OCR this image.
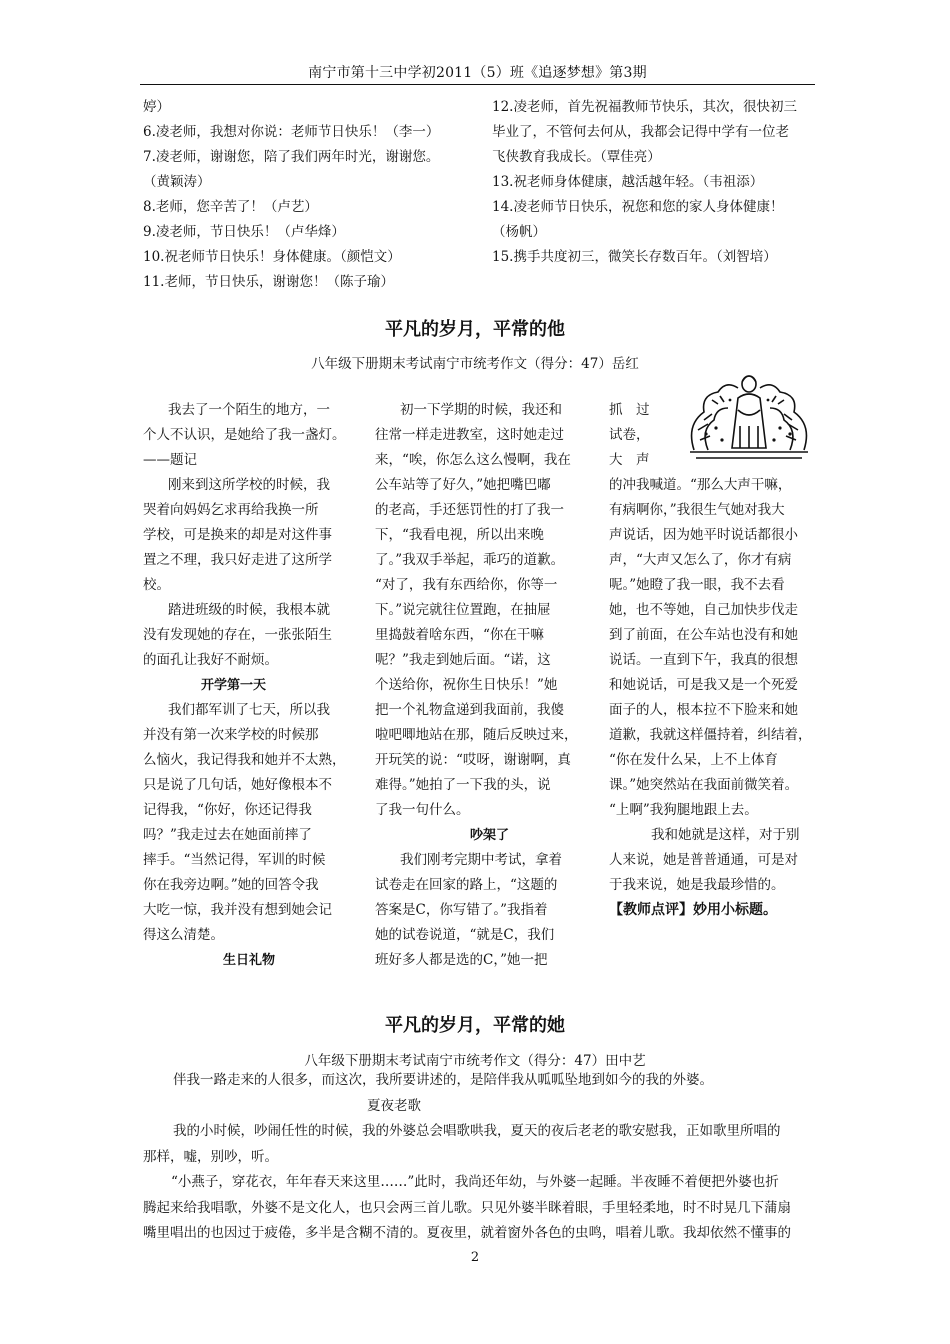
南宁市第十三中学初2011（5）班《追逐梦想》第3期
婷）
6.凌老师，我想对你说：老师节日快乐！（李一）
7.凌老师，谢谢您，陪了我们两年时光，谢谢您。
（黄颖涛）
8.老师，您辛苦了！（卢艺）
9.凌老师，节日快乐！（卢华烽）
10.祝老师节日快乐！身体健康。（颜恺文）
11.老师，节日快乐，谢谢您！（陈子瑜）
12.凌老师，首先祝福教师节快乐，其次，很快初三
毕业了，不管何去何从，我都会记得中学有一位老
飞侠教育我成长。（覃佳亮）
13.祝老师身体健康，越活越年轻。（韦祖添）
14.凌老师节日快乐，祝您和您的家人身体健康！
（杨帆）
15.携手共度初三，微笑长存数百年。（刘智培）
平凡的岁月，平常的他
八年级下册期末考试南宁市统考作文（得分：47）岳红
我去了一个陌生的地方，一
个人不认识，是她给了我一盏灯。
——题记
刚来到这所学校的时候，我
哭着向妈妈乞求再给我换一所
学校，可是换来的却是对这件事
置之不理，我只好走进了这所学
校。
踏进班级的时候，我根本就
没有发现她的存在，一张张陌生
的面孔让我好不耐烦。
开学第一天
我们都军训了七天，所以我
并没有第一次来学校的时候那
么恼火，我记得我和她并不太熟，
只是说了几句话，她好像根本不
记得我，“你好，你还记得我
吗？”我走过去在她面前摔了
摔手。“当然记得，军训的时候
你在我旁边啊。”她的回答令我
大吃一惊，我并没有想到她会记
得这么清楚。
生日礼物
初一下学期的时候，我还和
往常一样走进教室，这时她走过
来，“唉，你怎么这么慢啊，我在
公车站等了好久，”她把嘴巴嘟
的老高，手还惩罚性的打了我一
下，“我看电视，所以出来晚
了。”我双手举起，乖巧的道歉。
“对了，我有东西给你，你等一
下。”说完就往位置跑，在抽屉
里捣鼓着啥东西，“你在干嘛
呢？”我走到她后面。“诺，这
个送给你，祝你生日快乐！”她
把一个礼物盒递到我面前，我傻
啦吧唧地站在那，随后反映过来，
开玩笑的说：“哎呀，谢谢啊，真
难得。”她拍了一下我的头，说
了我一句什么。
吵架了
我们刚考完期中考试，拿着
试卷走在回家的路上，“这题的
答案是C，你写错了。”我指着
她的试卷说道，“就是C，我们
班好多人都是选的C，”她一把
抓　过
试卷，
大　声
的冲我喊道。“那么大声干嘛，
有病啊你，”我很生气她对我大
声说话，因为她平时说话都很小
声，“大声又怎么了，你才有病
呢。”她瞪了我一眼，我不去看
她，也不等她，自己加快步伐走
到了前面，在公车站也没有和她
说话。一直到下午，我真的很想
和她说话，可是我又是一个死爱
面子的人，根本拉不下脸来和她
道歉，我就这样僵持着，纠结着，
“你在发什么呆，上不上体育
课。”她突然站在我面前微笑着。
“上啊”我狗腿地跟上去。
我和她就是这样，对于别
人来说，她是普普通通，可是对
于我来说，她是我最珍惜的。
【教师点评】妙用小标题。
平凡的岁月，平常的她
八年级下册期末考试南宁市统考作文（得分：47）田中艺
伴我一路走来的人很多，而这次，我所要讲述的，是陪伴我从呱呱坠地到如今的我的外婆。
夏夜老歌
我的小时候，吵闹任性的时候，我的外婆总会唱歌哄我，夏天的夜后老老的歌安慰我，正如歌里所唱的
那样，嘘，别吵，听。
“小燕子，穿花衣，年年春天来这里……”此时，我尚还年幼，与外婆一起睡。半夜睡不着便把外婆也折
腾起来给我唱歌，外婆不是文化人，也只会两三首儿歌。只见外婆半眯着眼，手里轻柔地，时不时晃几下蒲扇
嘴里唱出的也因过于疲倦，多半是含糊不清的。夏夜里，就着窗外各色的虫鸣，唱着儿歌。我却依然不懂事的
2
